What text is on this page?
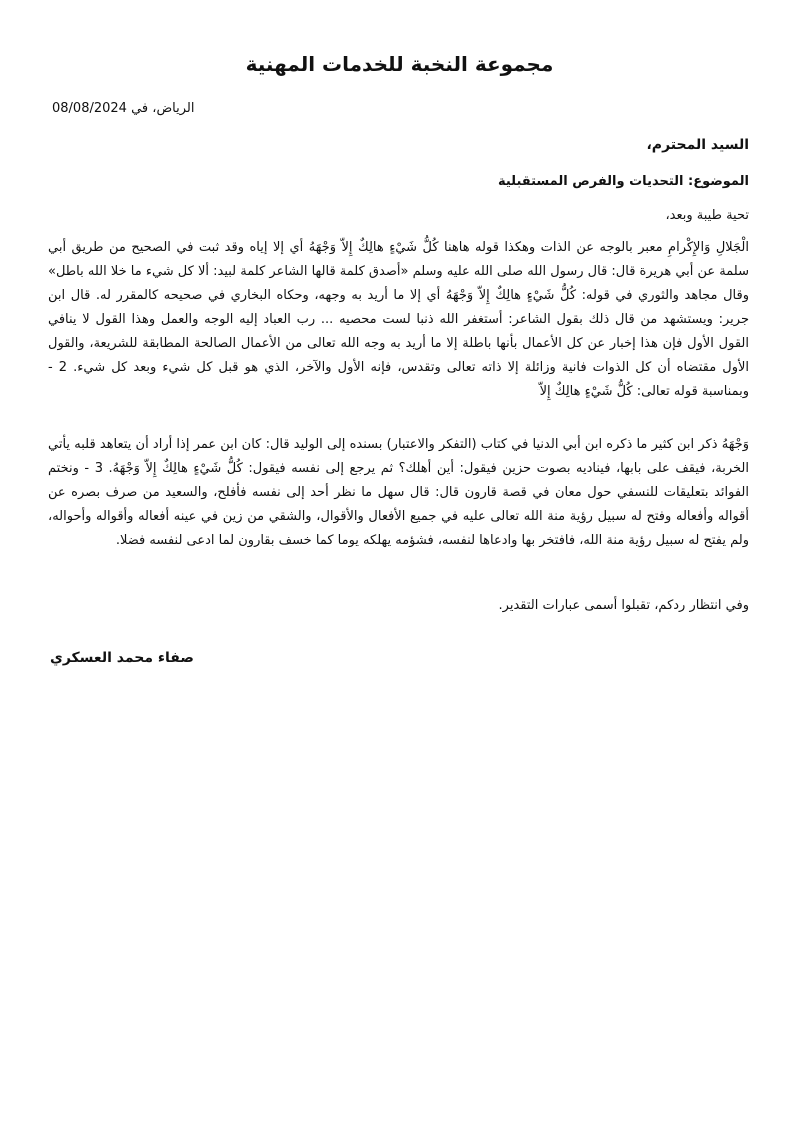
مجموعة النخبة للخدمات المهنية
الرياض، في 08/08/2024
السيد المحترم،
الموضوع: التحديات والفرص المستقبلية
تحية طيبة وبعد،
الْجَلالِ وَالإِكْرامِ معبر بالوجه عن الذات وهكذا قوله هاهنا كُلُّ شَيْءٍ هالِكٌ إِلاّ وَجْهَهُ أي إلا إياه وقد ثبت في الصحيح من طريق أبي سلمة عن أبي هريرة قال: قال رسول الله صلى الله عليه وسلم «أصدق كلمة قالها الشاعر كلمة لبيد: ألا كل شيء ما خلا الله باطل» وقال مجاهد والثوري في قوله: كُلُّ شَيْءٍ هالِكٌ إِلاّ وَجْهَهُ أي إلا ما أريد به وجهه، وحكاه البخاري في صحيحه كالمقرر له. قال ابن جرير: ويستشهد من قال ذلك بقول الشاعر: أستغفر الله ذنبا لست محصيه ... رب العباد إليه الوجه والعمل وهذا القول لا ينافي القول الأول فإن هذا إخبار عن كل الأعمال بأنها باطلة إلا ما أريد به وجه الله تعالى من الأعمال الصالحة المطابقة للشريعة، والقول الأول مقتضاه أن كل الذوات فانية وزائلة إلا ذاته تعالى وتقدس، فإنه الأول والآخر، الذي هو قبل كل شيء وبعد كل شيء. 2 - وبمناسبة قوله تعالى: كُلُّ شَيْءٍ هالِكٌ إِلاّ
وَجْهَهُ ذكر ابن كثير ما ذكره ابن أبي الدنيا في كتاب (التفكر والاعتبار) بسنده إلى الوليد قال: كان ابن عمر إذا أراد أن يتعاهد قلبه يأتي الخربة، فيقف على بابها، فيناديه بصوت حزين فيقول: أين أهلك؟ ثم يرجع إلى نفسه فيقول: كُلُّ شَيْءٍ هالِكٌ إِلاّ وَجْهَهُ. 3 - ونختم الفوائد بتعليقات للنسفي حول معان في قصة قارون قال: قال سهل ما نظر أحد إلى نفسه فأفلح، والسعيد من صرف بصره عن أقواله وأفعاله وفتح له سبيل رؤية منة الله تعالى عليه في جميع الأفعال والأقوال، والشقي من زين في عينه أفعاله وأقواله وأحواله، ولم يفتح له سبيل رؤية منة الله، فافتخر بها وادعاها لنفسه، فشؤمه يهلكه يوما كما خسف بقارون لما ادعى لنفسه فضلا.
وفي انتظار ردكم، تقبلوا أسمى عبارات التقدير.
صفاء محمد العسكري
